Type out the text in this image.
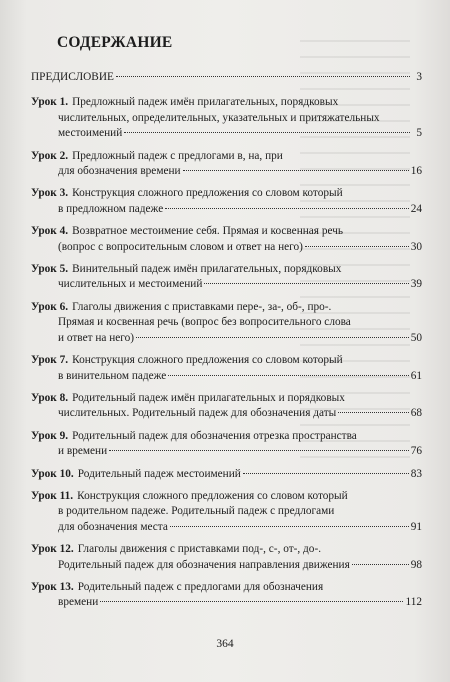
СОДЕРЖАНИЕ
ПРЕДИСЛОВИЕ	3
Урок 1. Предложный падеж имён прилагательных, порядковых
числительных, определительных, указательных и притяжательных
местоимений	5
Урок 2. Предложный падеж с предлогами в, на, при
для обозначения времени	16
Урок 3. Конструкция сложного предложения со словом который
в предложном падеже	24
Урок 4. Возвратное местоимение себя. Прямая и косвенная речь
(вопрос с вопросительным словом и ответ на него)	30
Урок 5. Винительный падеж имён прилагательных, порядковых
числительных и местоимений	39
Урок 6. Глаголы движения с приставками пере-, за-, об-, про-.
Прямая и косвенная речь (вопрос без вопросительного слова
и ответ на него)	50
Урок 7. Конструкция сложного предложения со словом который
в винительном падеже	61
Урок 8. Родительный падеж имён прилагательных и порядковых
числительных. Родительный падеж для обозначения даты	68
Урок 9. Родительный падеж для обозначения отрезка пространства
и времени	76
Урок 10. Родительный падеж местоимений	83
Урок 11. Конструкция сложного предложения со словом который
в родительном падеже. Родительный падеж с предлогами
для обозначения места	91
Урок 12. Глаголы движения с приставками под-, с-, от-, до-.
Родительный падеж для обозначения направления движения	98
Урок 13. Родительный падеж с предлогами для обозначения
времени	112
364
